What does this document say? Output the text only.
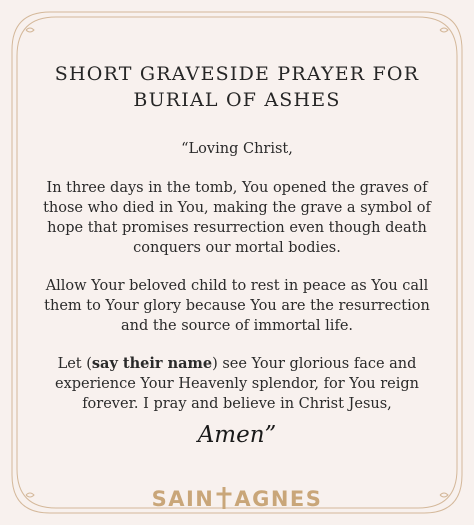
SHORT GRAVESIDE PRAYER FOR
BURIAL OF ASHES
“Loving Christ,
In three days in the tomb, You opened the graves of those who died in You, making the grave a symbol of hope that promises resurrection even though death conquers our mortal bodies.
Allow Your beloved child to rest in peace as You call them to Your glory because You are the resurrection and the source of immortal life.
Let (say their name) see Your glorious face and experience Your Heavenly splendor, for You reign forever. I pray and believe in Christ Jesus,
Amen”
SAIN AGNES
